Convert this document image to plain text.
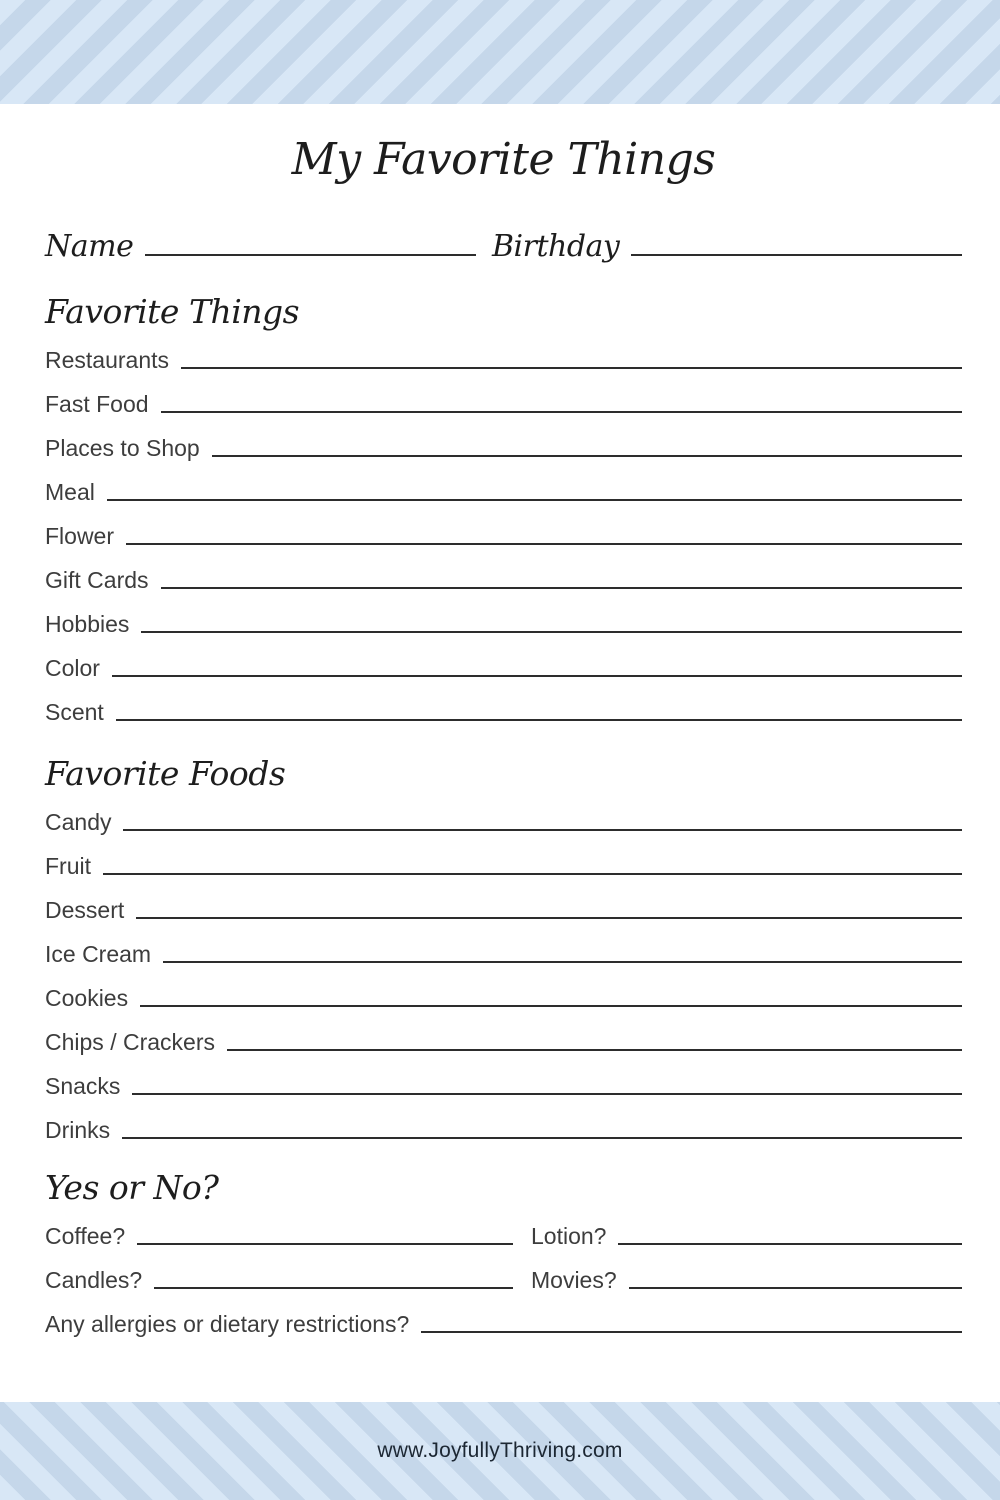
My Favorite Things
Name	Birthday
Favorite Things
Restaurants
Fast Food
Places to Shop
Meal
Flower
Gift Cards
Hobbies
Color
Scent
Favorite Foods
Candy
Fruit
Dessert
Ice Cream
Cookies
Chips / Crackers
Snacks
Drinks
Yes or No?
Coffee?	Lotion?
Candles?	Movies?
Any allergies or dietary restrictions?
www.JoyfullyThriving.com
